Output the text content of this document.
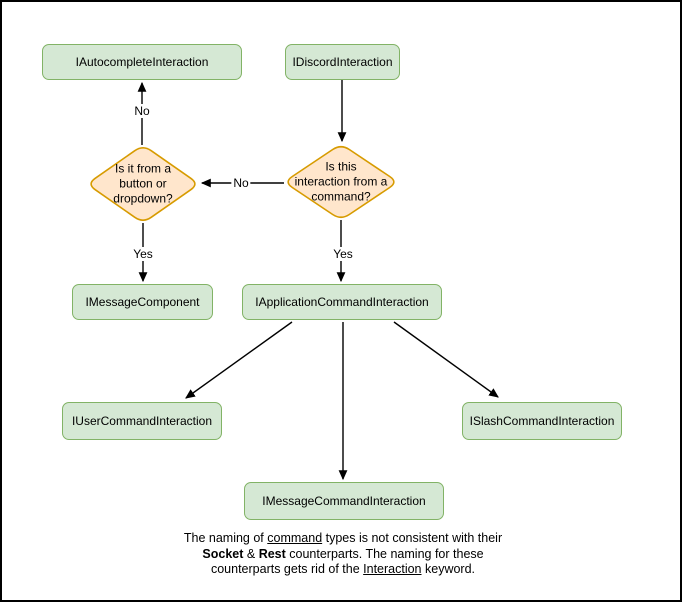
IAutocompleteInteraction	IDiscordInteraction
IMessageComponent	IApplicationCommandInteraction
IUserCommandInteraction	ISlashCommandInteraction
IMessageCommandInteraction
Is it from a
button or
dropdown?
Is this
interaction from a
command?
No
No
Yes	Yes
The naming of command types is not consistent with their
Socket & Rest counterparts. The naming for these
counterparts gets rid of the Interaction keyword.
